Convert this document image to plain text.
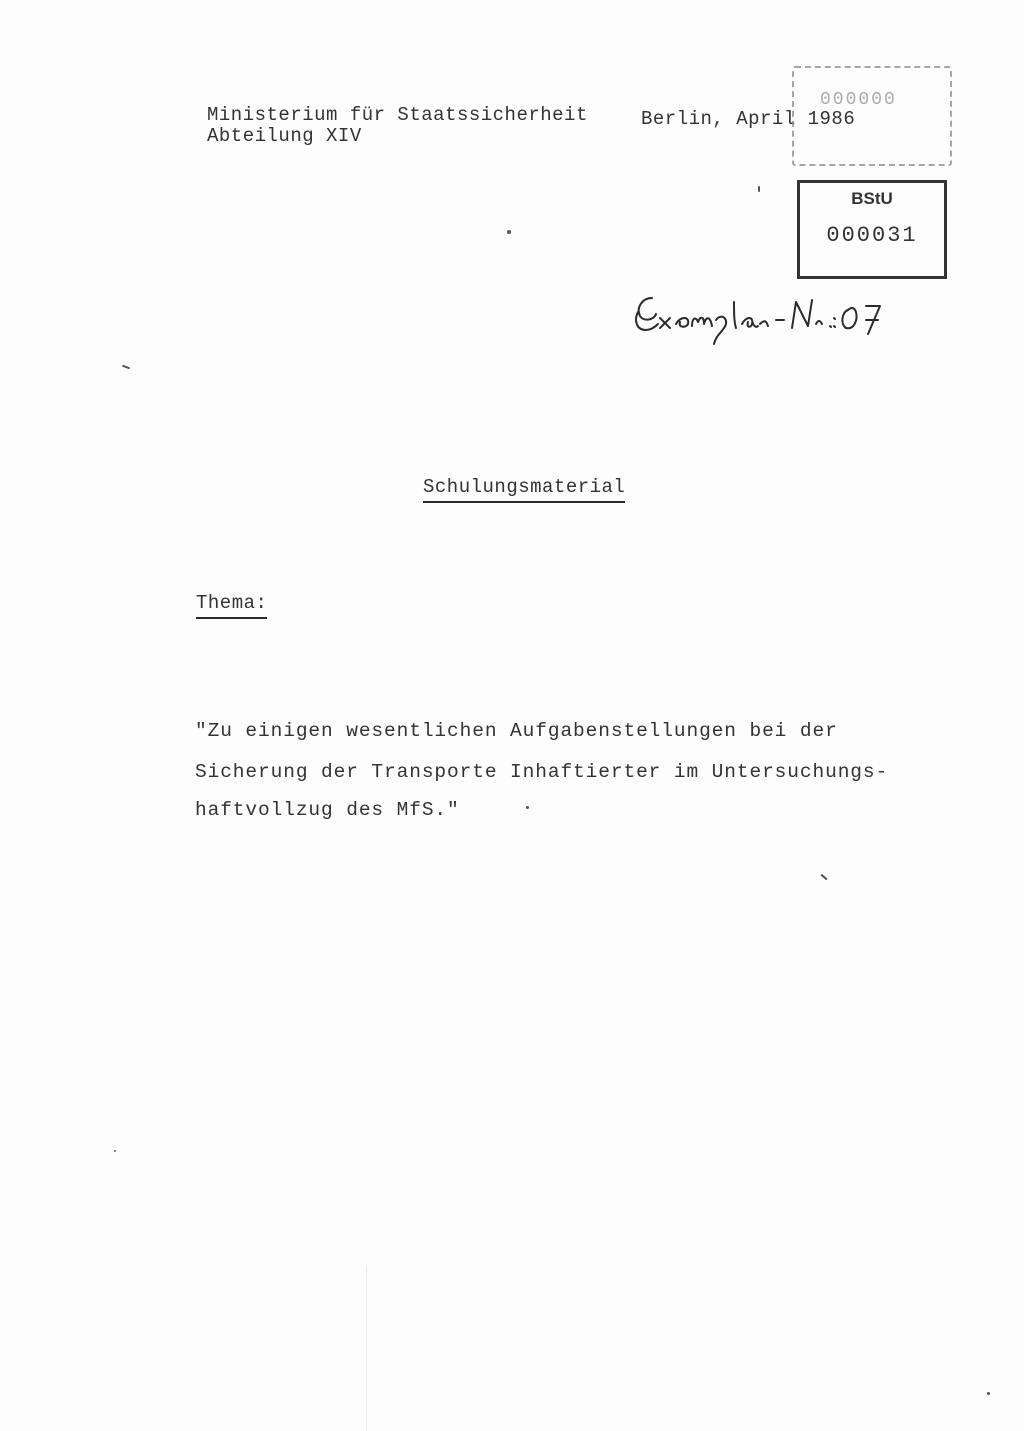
Ministerium für Staatssicherheit
Abteilung XIV
Berlin, April 1986
000000
BStU
000031
Schulungsmaterial
Thema:
"Zu einigen wesentlichen Aufgabenstellungen bei der
Sicherung der Transporte Inhaftierter im Untersuchungs-
haftvollzug des MfS."
